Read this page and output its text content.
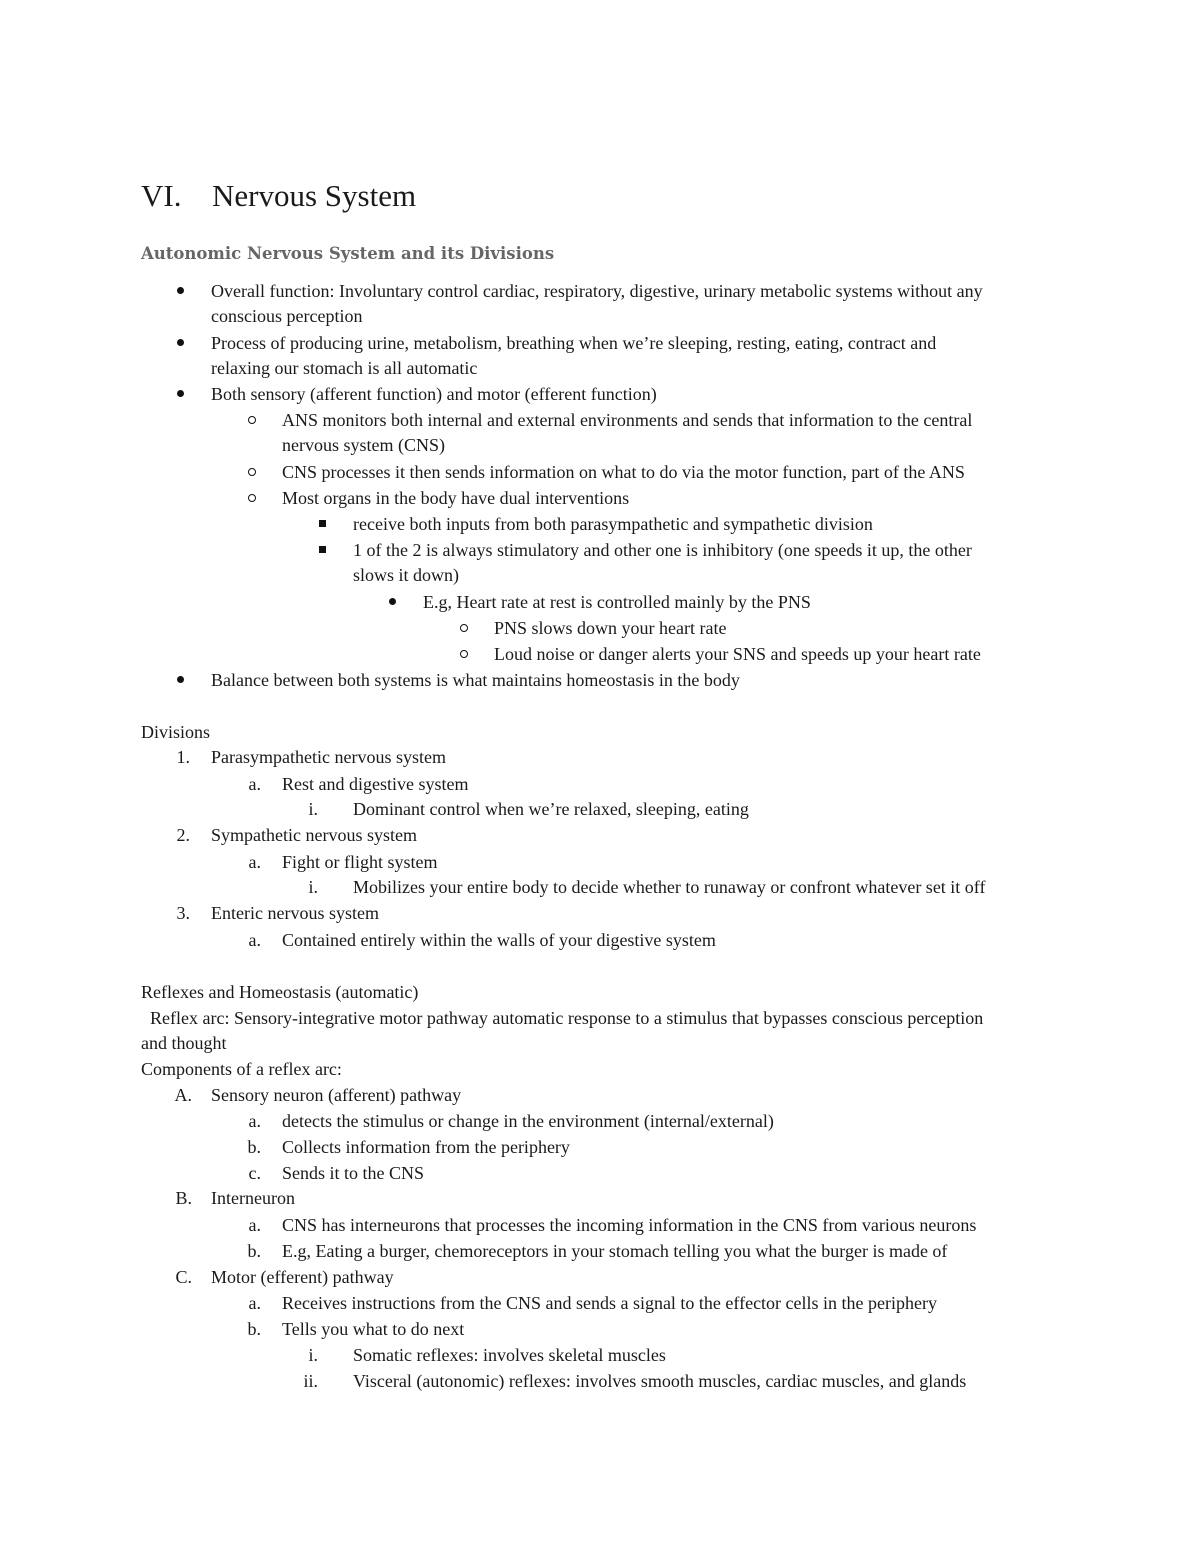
VI. Nervous System
Autonomic Nervous System and its Divisions
Overall function: Involuntary control cardiac, respiratory, digestive, urinary metabolic systems without any
conscious perception
Process of producing urine, metabolism, breathing when we’re sleeping, resting, eating, contract and
relaxing our stomach is all automatic
Both sensory (afferent function) and motor (efferent function)
ANS monitors both internal and external environments and sends that information to the central
nervous system (CNS)
CNS processes it then sends information on what to do via the motor function, part of the ANS
Most organs in the body have dual interventions
receive both inputs from both parasympathetic and sympathetic division
1 of the 2 is always stimulatory and other one is inhibitory (one speeds it up, the other
slows it down)
E.g, Heart rate at rest is controlled mainly by the PNS
PNS slows down your heart rate
Loud noise or danger alerts your SNS and speeds up your heart rate
Balance between both systems is what maintains homeostasis in the body
Divisions
1. Parasympathetic nervous system
a. Rest and digestive system
i. Dominant control when we’re relaxed, sleeping, eating
2. Sympathetic nervous system
a. Fight or flight system
i. Mobilizes your entire body to decide whether to runaway or confront whatever set it off
3. Enteric nervous system
a. Contained entirely within the walls of your digestive system
Reflexes and Homeostasis (automatic)
Reflex arc: Sensory-integrative motor pathway automatic response to a stimulus that bypasses conscious perception
and thought
Components of a reflex arc:
A. Sensory neuron (afferent) pathway
a. detects the stimulus or change in the environment (internal/external)
b. Collects information from the periphery
c. Sends it to the CNS
B. Interneuron
a. CNS has interneurons that processes the incoming information in the CNS from various neurons
b. E.g, Eating a burger, chemoreceptors in your stomach telling you what the burger is made of
C. Motor (efferent) pathway
a. Receives instructions from the CNS and sends a signal to the effector cells in the periphery
b. Tells you what to do next
i. Somatic reflexes: involves skeletal muscles
ii. Visceral (autonomic) reflexes: involves smooth muscles, cardiac muscles, and glands
